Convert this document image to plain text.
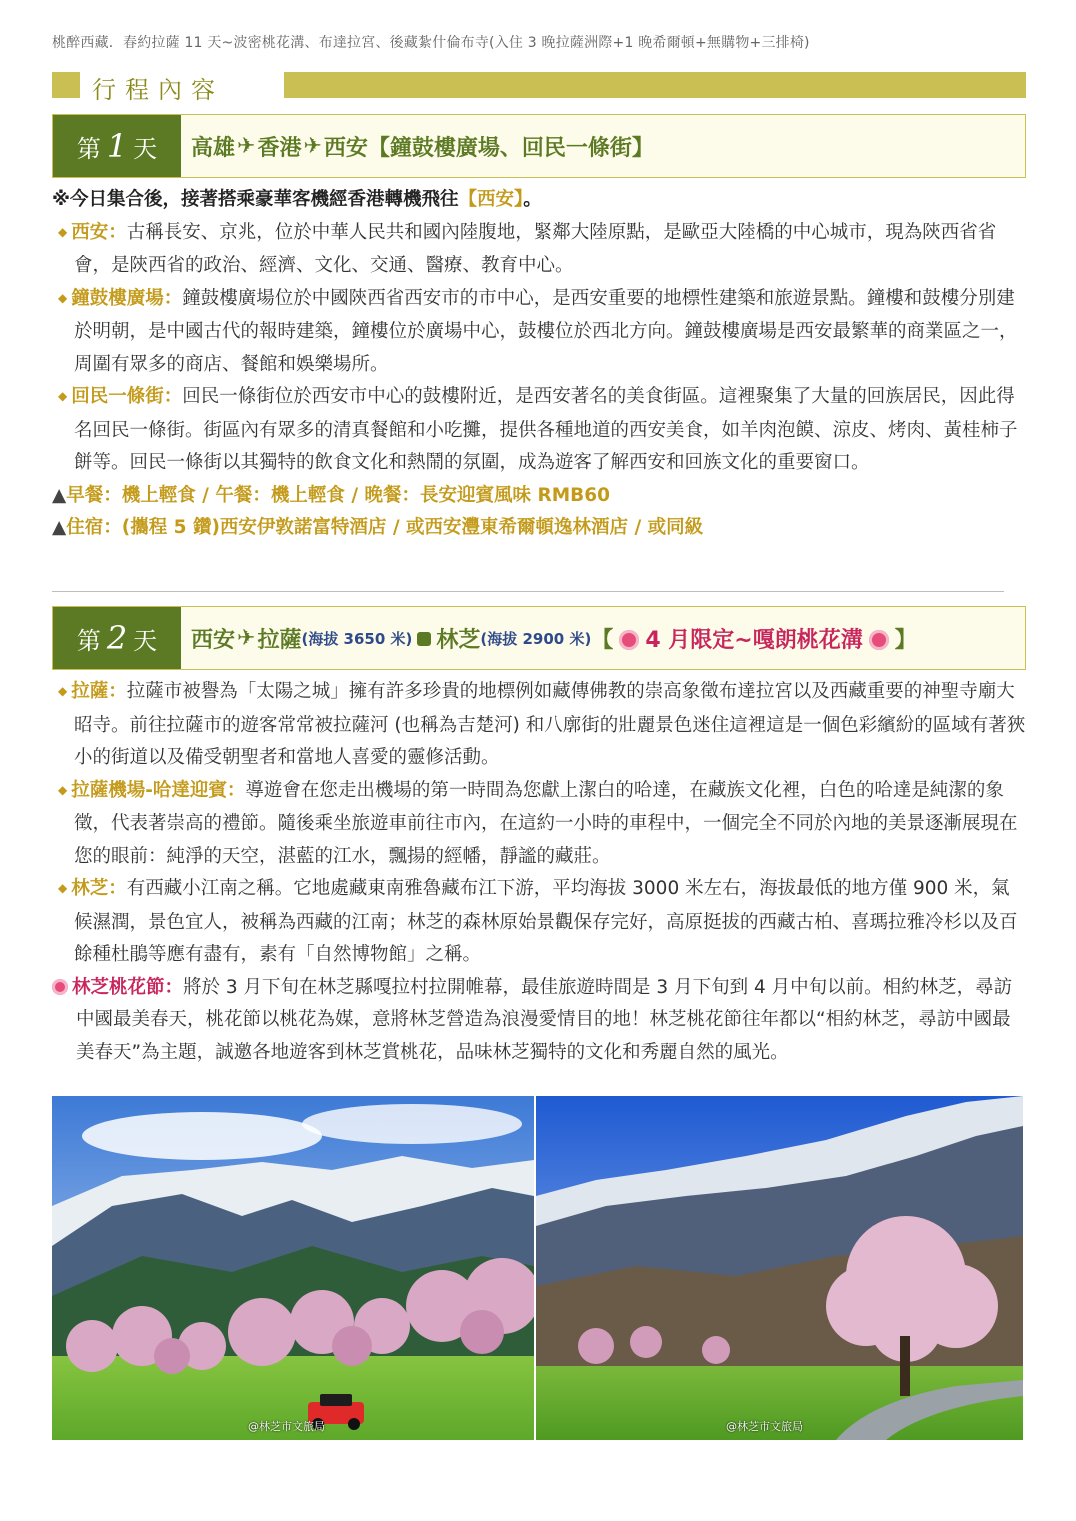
桃醉西藏．春約拉薩 11 天~波密桃花溝、布達拉宮、後藏紮什倫布寺(入住 3 晚拉薩洲際+1 晚希爾頓+無購物+三排椅)
行程內容
第 1 天 高雄 ✈ 香港 ✈ 西安【鐘鼓樓廣場、回民一條街】

※今日集合後，接著搭乘豪華客機經香港轉機飛往【西安】。

◆ 西安：古稱長安、京兆，位於中華人民共和國內陸腹地，緊鄰大陸原點，是歐亞大陸橋的中心城市，現為陝西省省會，是陝西省的政治、經濟、文化、交通、醫療、教育中心。

◆ 鐘鼓樓廣場：鐘鼓樓廣場位於中國陝西省西安市的市中心，是西安重要的地標性建築和旅遊景點。鐘樓和鼓樓分別建於明朝，是中國古代的報時建築，鐘樓位於廣場中心，鼓樓位於西北方向。鐘鼓樓廣場是西安最繁華的商業區之一，周圍有眾多的商店、餐館和娛樂場所。

◆ 回民一條街：回民一條街位於西安市中心的鼓樓附近，是西安著名的美食街區。這裡聚集了大量的回族居民，因此得名回民一條街。街區內有眾多的清真餐館和小吃攤，提供各種地道的西安美食，如羊肉泡饃、涼皮、烤肉、黃桂柿子餅等。回民一條街以其獨特的飲食文化和熱鬧的氛圍，成為遊客了解西安和回族文化的重要窗口。

▲早餐：機上輕食 / 午餐：機上輕食 / 晚餐：長安迎賓風味 RMB60

▲住宿：(攜程 5 鑽)西安伊敦諾富特酒店 / 或西安灃東希爾頓逸林酒店 / 或同級

第 2 天 西安 ✈ 拉薩 (海拔 3650 米) 林芝 (海拔 2900 米) 【 4 月限定~嘎朗桃花溝 】

◆ 拉薩：拉薩市被譽為「太陽之城」擁有許多珍貴的地標例如藏傳佛教的崇高象徵布達拉宮以及西藏重要的神聖寺廟大昭寺。前往拉薩市的遊客常常被拉薩河 (也稱為吉楚河) 和八廓街的壯麗景色迷住這裡這是一個色彩繽紛的區域有著狹小的街道以及備受朝聖者和當地人喜愛的靈修活動。

◆ 拉薩機場-哈達迎賓：導遊會在您走出機場的第一時間為您獻上潔白的哈達，在藏族文化裡，白色的哈達是純潔的象徵，代表著崇高的禮節。隨後乘坐旅遊車前往市內，在這約一小時的車程中，一個完全不同於內地的美景逐漸展現在您的眼前：純淨的天空，湛藍的江水，飄揚的經幡，靜謐的藏莊。

◆ 林芝：有西藏小江南之稱。它地處藏東南雅魯藏布江下游，平均海拔 3000 米左右，海拔最低的地方僅 900 米，氣候濕潤，景色宜人，被稱為西藏的江南；林芝的森林原始景觀保存完好，高原挺拔的西藏古柏、喜瑪拉雅冷杉以及百餘種杜鵑等應有盡有，素有「自然博物館」之稱。

林芝桃花節：將於 3 月下旬在林芝縣嘎拉村拉開帷幕，最佳旅遊時間是 3 月下旬到 4 月中旬以前。相約林芝，尋訪中國最美春天，桃花節以桃花為媒，意將林芝營造為浪漫愛情目的地！林芝桃花節往年都以“相約林芝，尋訪中國最美春天”為主題，誠邀各地遊客到林芝賞桃花，品味林芝獨特的文化和秀麗自然的風光。

@林芝市文旅局	@林芝市文旅局
